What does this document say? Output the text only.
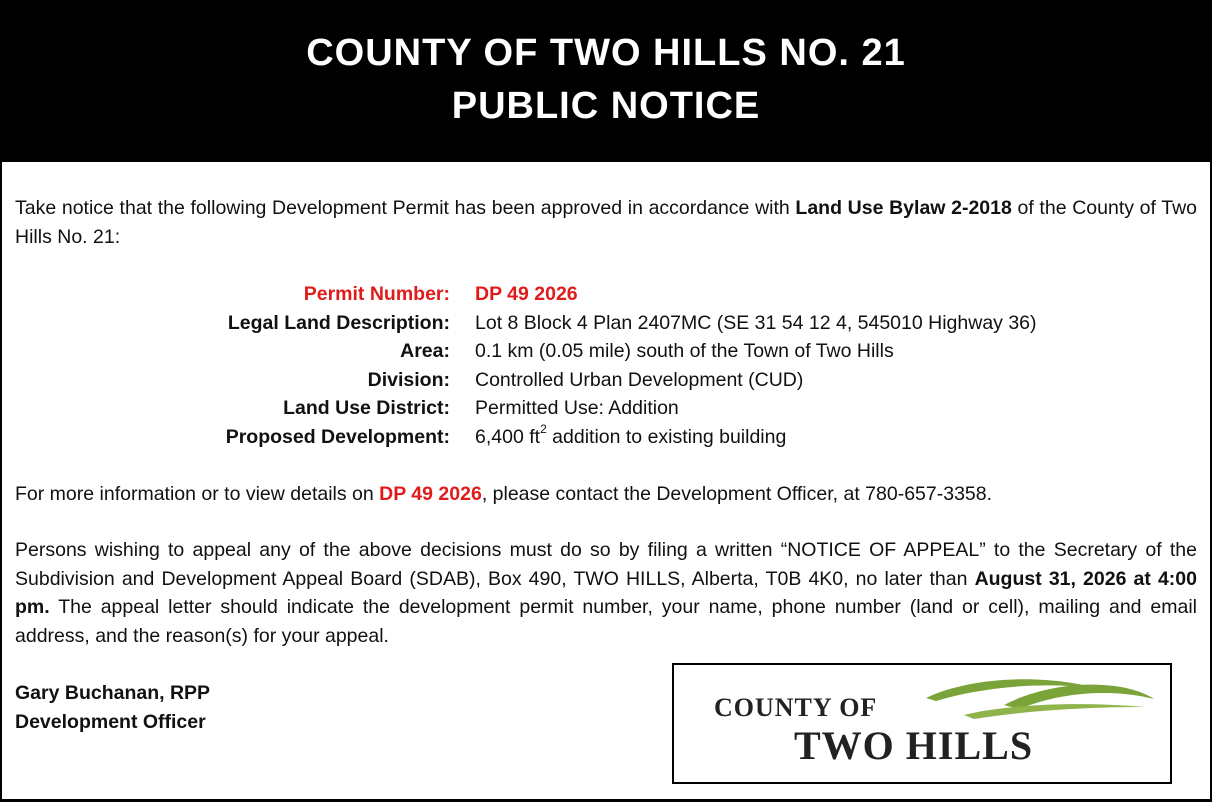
COUNTY OF TWO HILLS NO. 21
PUBLIC NOTICE
Take notice that the following Development Permit has been approved in accordance with Land Use Bylaw 2-2018 of the County of Two Hills No. 21:
Permit Number: DP 49 2026
Legal Land Description: Lot 8 Block 4 Plan 2407MC (SE 31 54 12 4, 545010 Highway 36)
Area: 0.1 km (0.05 mile) south of the Town of Two Hills
Division: Controlled Urban Development (CUD)
Land Use District: Permitted Use: Addition
Proposed Development: 6,400 $ft^2$ addition to existing building
For more information or to view details on DP 49 2026, please contact the Development Officer, at 780-657-3358.
Persons wishing to appeal any of the above decisions must do so by filing a written “NOTICE OF APPEAL” to the Secretary of the Subdivision and Development Appeal Board (SDAB), Box 490, TWO HILLS, Alberta, T0B 4K0, no later than August 31, 2026 at 4:00 pm. The appeal letter should indicate the development permit number, your name, phone number (land or cell), mailing and email address, and the reason(s) for your appeal.
Gary Buchanan, RPP
Development Officer	COUNTY OF
TWO HILLS
